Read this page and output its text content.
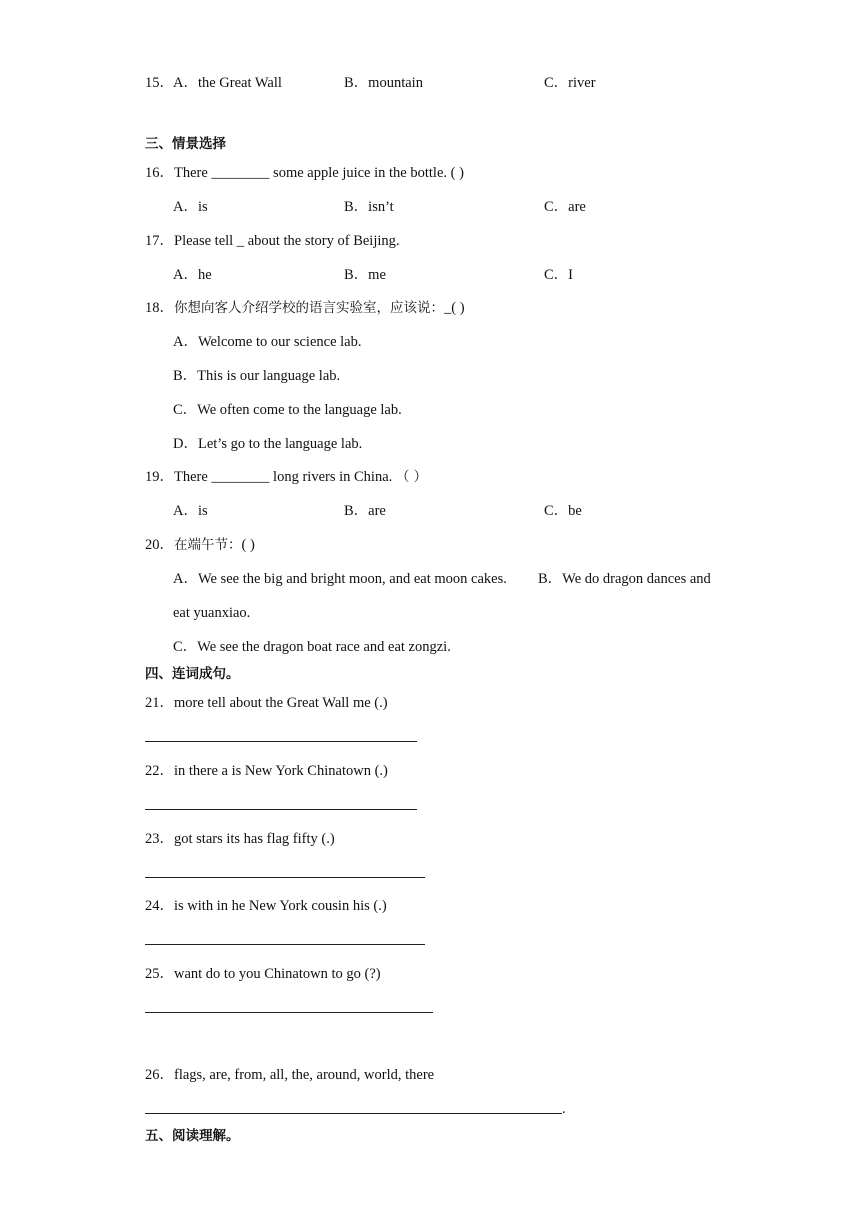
15． A．the Great Wall	B．mountain	C．river
三、情景选择
16．There ________ some apple juice in the bottle. ( )
A．is	B．isn’t	C．are
17．Please tell _ about the story of Beijing.
A．he	B．me	C．I
18．你想向客人介绍学校的语言实验室，应该说：_( )
A．Welcome to our science lab.
B．This is our language lab.
C．We often come to the language lab.
D．Let’s go to the language lab.
19．There ________ long rivers in China. （ ）
A．is	B．are	C．be
20．在端午节：( )
A．We see the big and bright moon, and eat moon cakes. B．We do dragon dances and
eat yuanxiao.
C．We see the dragon boat race and eat zongzi.
四、连词成句。
21．more tell about the Great Wall me (.)
22．in there a is New York Chinatown (.)
23．got stars its has flag fifty (.)
24．is with in he New York cousin his (.)
25．want do to you Chinatown to go (?)
26．flags, are, from, all, the, around, world, there
.
五、阅读理解。
